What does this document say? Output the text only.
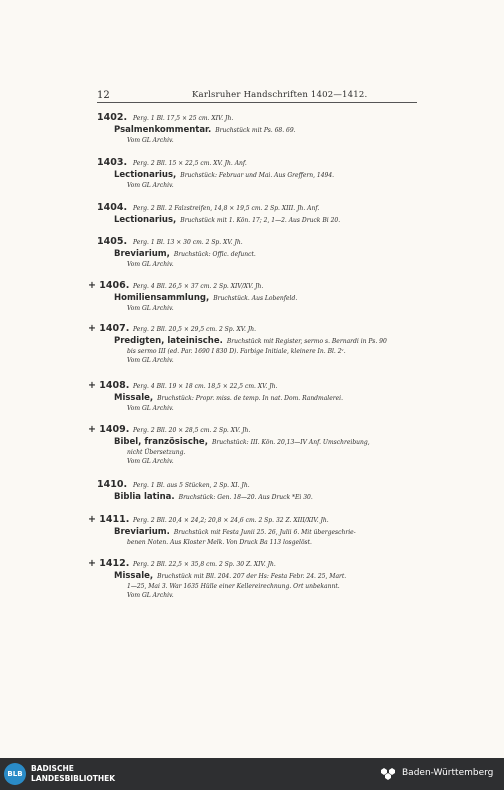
12	Karlsruher Handschriften 1402—1412.
1402. Perg. 1 Bl. 17,5 × 25 cm. XIV. Jh.
Psalmenkommentar. Bruchstück mit Ps. 68. 69.
Vom GL Archiv.
1403. Perg. 2 Bll. 15 × 22,5 cm. XV. Jh. Anf.
Lectionarius, Bruchstück: Februar und Mai. Aus Greffern, 1494.
Vom GL Archiv.
1404. Perg. 2 Bll. 2 Falzstreifen, 14,8 × 19,5 cm. 2 Sp. XIII. Jh. Anf.
Lectionarius, Bruchstück mit 1. Kön. 17; 2, 1—2. Aus Druck Bi 20.
1405. Perg. 1 Bl. 13 × 30 cm. 2 Sp. XV. Jh.
Breviarium, Bruchstück: Offic. defunct.
Vom GL Archiv.
+ 1406. Perg. 4 Bll. 26,5 × 37 cm. 2 Sp. XIV/XV. Jh.
Homiliensammlung, Bruchstück. Aus Lobenfeld.
Vom GL Archiv.
+ 1407. Perg. 2 Bll. 20,5 × 29,5 cm. 2 Sp. XV. Jh.
Predigten, lateinische. Bruchstück mit Register, sermo s. Bernardi in Ps. 90
bis sermo III (ed. Par. 1690 I 830 D). Farbige Initiale, kleinere In. Bl. 2ᵛ.
Vom GL Archiv.
+ 1408. Perg. 4 Bll. 19 × 18 cm. 18,5 × 22,5 cm. XV. Jh.
Missale, Bruchstück: Propr. miss. de temp. In nat. Dom. Randmalerei.
Vom GL Archiv.
+ 1409. Perg. 2 Bll. 20 × 28,5 cm. 2 Sp. XV. Jh.
Bibel, französische, Bruchstück: III. Kön. 20,13—IV Anf. Umschreibung,
nicht Übersetzung.
Vom GL Archiv.
1410. Perg. 1 Bl. aus 5 Stücken, 2 Sp. XI. Jh.
Biblia latina. Bruchstück: Gen. 18—20. Aus Druck *Ei 30.
+ 1411. Perg. 2 Bll. 20,4 × 24,2; 20,8 × 24,6 cm. 2 Sp. 32 Z. XIII/XIV. Jh.
Breviarium. Bruchstück mit Festa Junii 25. 26, Julii 6. Mit übergeschrie-
benen Noten. Aus Kloster Melk. Von Druck Ba 113 losgelöst.
+ 1412. Perg. 2 Bll. 22,5 × 35,8 cm. 2 Sp. 30 Z. XIV. Jh.
Missale, Bruchstück mit Bll. 204. 207 der Hs: Festa Febr. 24. 25, Mart.
1—25, Mai 3. War 1635 Hülle einer Kellereirechnung. Ort unbekannt.
Vom GL Archiv.
BLB
BADISCHE
LANDESBIBLIOTHEK
Baden-Württemberg
